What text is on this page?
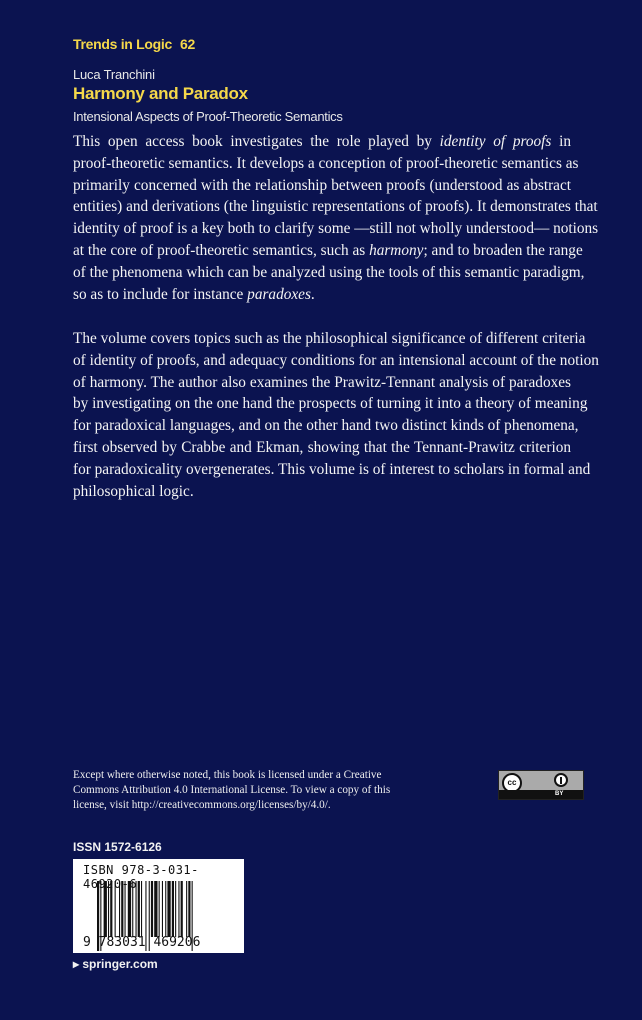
Trends in Logic 62
Luca Tranchini
Harmony and Paradox
Intensional Aspects of Proof-Theoretic Semantics
This open access book investigates the role played by identity of proofs in
proof-theoretic semantics. It develops a conception of proof-theoretic semantics as
primarily concerned with the relationship between proofs (understood as abstract
entities) and derivations (the linguistic representations of proofs). It demonstrates that
identity of proof is a key both to clarify some —still not wholly understood— notions
at the core of proof-theoretic semantics, such as harmony; and to broaden the range
of the phenomena which can be analyzed using the tools of this semantic paradigm,
so as to include for instance paradoxes.
The volume covers topics such as the philosophical significance of different criteria
of identity of proofs, and adequacy conditions for an intensional account of the notion
of harmony. The author also examines the Prawitz-Tennant analysis of paradoxes
by investigating on the one hand the prospects of turning it into a theory of meaning
for paradoxical languages, and on the other hand two distinct kinds of phenomena,
first observed by Crabbe and Ekman, showing that the Tennant-Prawitz criterion
for paradoxicality overgenerates. This volume is of interest to scholars in formal and
philosophical logic.
Except where otherwise noted, this book is licensed under a Creative
Commons Attribution 4.0 International License. To view a copy of this
license, visit http://creativecommons.org/licenses/by/4.0/.
cc
BY
ISSN 1572-6126
ISBN 978-3-031-46920-6
9 783031 469206
▸ springer.com
